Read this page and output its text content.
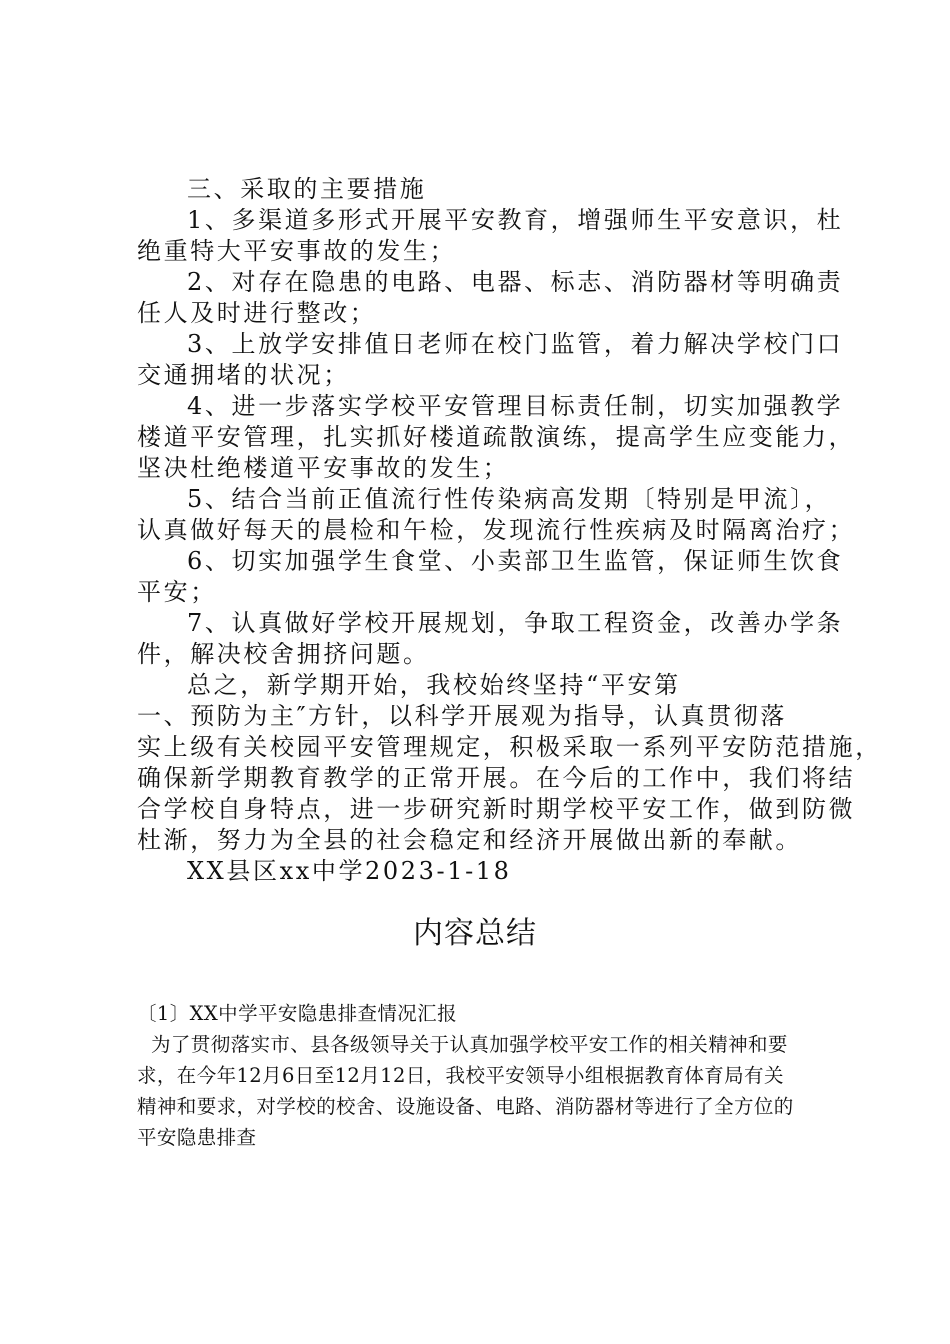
三、采取的主要措施
1、多渠道多形式开展平安教育，增强师生平安意识，杜
绝重特大平安事故的发生；
2、对存在隐患的电路、电器、标志、消防器材等明确责
任人及时进行整改；
3、上放学安排值日老师在校门监管，着力解决学校门口
交通拥堵的状况；
4、进一步落实学校平安管理目标责任制，切实加强教学
楼道平安管理，扎实抓好楼道疏散演练，提高学生应变能力，
坚决杜绝楼道平安事故的发生；
5、结合当前正值流行性传染病高发期〔特别是甲流〕，
认真做好每天的晨检和午检，发现流行性疾病及时隔离治疗；
6、切实加强学生食堂、小卖部卫生监管，保证师生饮食
平安；
7、认真做好学校开展规划，争取工程资金，改善办学条
件，解决校舍拥挤问题。
总之，新学期开始，我校始终坚持“平安第
一、预防为主″方针，以科学开展观为指导，认真贯彻落
实上级有关校园平安管理规定，积极采取一系列平安防范措施，
确保新学期教育教学的正常开展。在今后的工作中，我们将结
合学校自身特点，进一步研究新时期学校平安工作，做到防微
杜渐，努力为全县的社会稳定和经济开展做出新的奉献。
XX县区xx中学2023-1-18
内容总结
〔1〕XX中学平安隐患排查情况汇报
为了贯彻落实市、县各级领导关于认真加强学校平安工作的相关精神和要
求，在今年12月6日至12月12日，我校平安领导小组根据教育体育局有关
精神和要求，对学校的校舍、设施设备、电路、消防器材等进行了全方位的
平安隐患排查
